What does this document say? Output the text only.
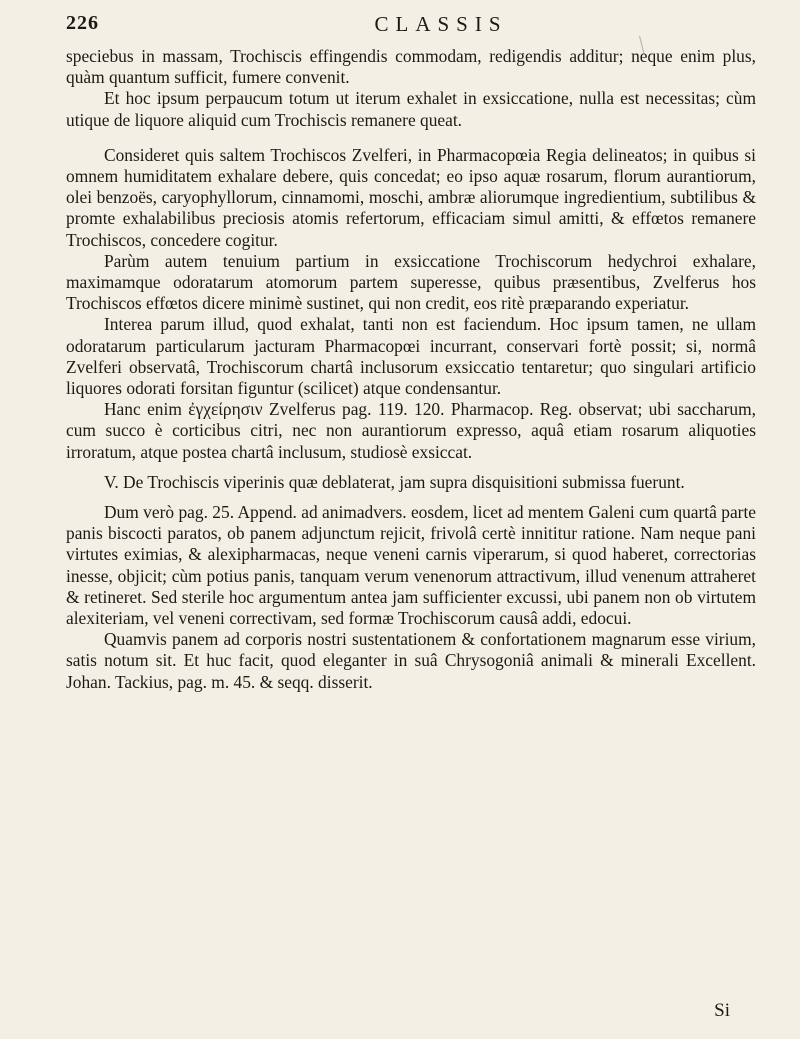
226	CLASSIS

speciebus in massam, Trochiscis effingendis commodam, redigendis additur; neque enim plus, quàm quantum sufficit, fumere convenit.

Et hoc ipsum perpaucum totum ut iterum exhalet in exsiccatione, nulla est necessitas; cùm utique de liquore aliquid cum Trochiscis remanere queat.

Consideret quis saltem Trochiscos Zvelferi, in Pharmacopœia Regia delineatos; in quibus si omnem humiditatem exhalare debere, quis concedat; eo ipso aquæ rosarum, florum aurantiorum, olei benzoës, caryophyllorum, cinnamomi, moschi, ambræ aliorumque ingredientium, subtilibus & promte exhalabilibus preciosis atomis refertorum, efficaciam simul amitti, & effœtos remanere Trochiscos, concedere cogitur.

Parùm autem tenuium partium in exsiccatione Trochiscorum hedychroi exhalare, maximamque odoratarum atomorum partem superesse, quibus præsentibus, Zvelferus hos Trochiscos effœtos dicere minimè sustinet, qui non credit, eos ritè præparando experiatur.

Interea parum illud, quod exhalat, tanti non est faciendum. Hoc ipsum tamen, ne ullam odoratarum particularum jacturam Pharmacopœi incurrant, conservari fortè possit; si, normâ Zvelferi observatâ, Trochiscorum chartâ inclusorum exsiccatio tentaretur; quo singulari artificio liquores odorati forsitan figuntur (scilicet) atque condensantur.

Hanc enim ἐγχείρησιν Zvelferus pag. 119. 120. Pharmacop. Reg. observat; ubi saccharum, cum succo è corticibus citri, nec non aurantiorum expresso, aquâ etiam rosarum aliquoties irroratum, atque postea chartâ inclusum, studiosè exsiccat.

V. De Trochiscis viperinis quæ deblaterat, jam supra disquisitioni submissa fuerunt.

Dum verò pag. 25. Append. ad animadvers. eosdem, licet ad mentem Galeni cum quartâ parte panis biscocti paratos, ob panem adjunctum rejicit, frivolâ certè innititur ratione. Nam neque pani virtutes eximias, & alexipharmacas, neque veneni carnis viperarum, si quod haberet, correctorias inesse, objicit; cùm potius panis, tanquam verum venenorum attractivum, illud venenum attraheret & retineret. Sed sterile hoc argumentum antea jam sufficienter excussi, ubi panem non ob virtutem alexiteriam, vel veneni correctivam, sed formæ Trochiscorum causâ addi, edocui.

Quamvis panem ad corporis nostri sustentationem & confortationem magnarum esse virium, satis notum sit. Et huc facit, quod eleganter in suâ Chrysogoniâ animali & minerali Excellent. Johan. Tackius, pag. m. 45. & seqq. disserit.

Si
